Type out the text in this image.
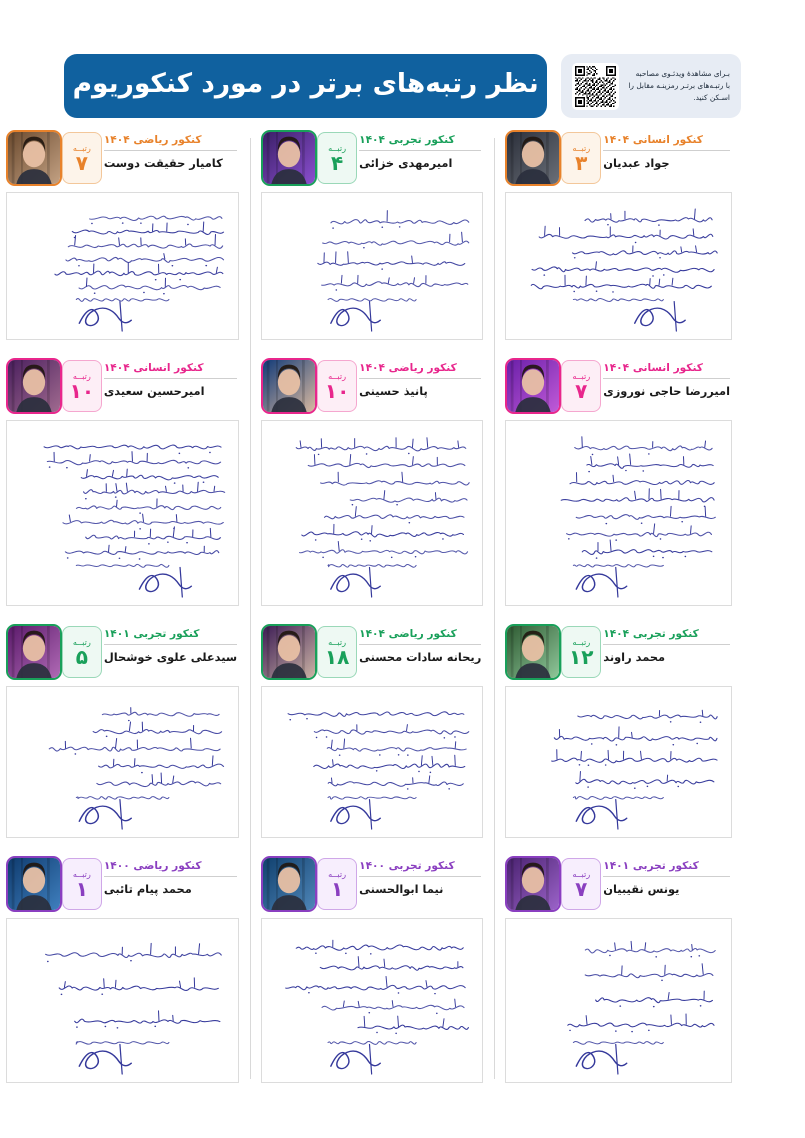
نظر رتبه‌های برتر در مورد کنکوریوم	بـرای مشاهدۀ ویدئـوی مصاحبه
با رتبـه‌های برتـر رمزینـه مقابل را
اسـکن کنید.
کنکور انسانی ۱۴۰۴
جواد عبدیان
رتبــه
۳
کنکور انسانی ۱۴۰۴
امیررضا حاجی نوروزی
رتبــه
۷
کنکور تجربی ۱۴۰۴
محمد راوند
رتبــه
۱۲
کنکور تجربی ۱۴۰۱
یونس نقیبیان
رتبــه
۷
کنکور تجربی ۱۴۰۴
امیرمهدی خزائی
رتبــه
۴
کنکور ریاضی ۱۴۰۴
پانیذ حسینی
رتبــه
۱۰
کنکور ریاضی ۱۴۰۴
ریحانه سادات محسنی
رتبــه
۱۸
کنکور تجربی ۱۴۰۰
نیما ابوالحسنی
رتبــه
۱
کنکور ریاضی ۱۴۰۴
کامیار حقیقت دوست
رتبــه
۷
کنکور انسانی ۱۴۰۴
امیرحسین سعیدی
رتبــه
۱۰
کنکور تجربی ۱۴۰۱
سیدعلی علوی خوشحال
رتبــه
۵
کنکور ریاضی ۱۴۰۰
محمد پیام تائبی
رتبــه
۱
